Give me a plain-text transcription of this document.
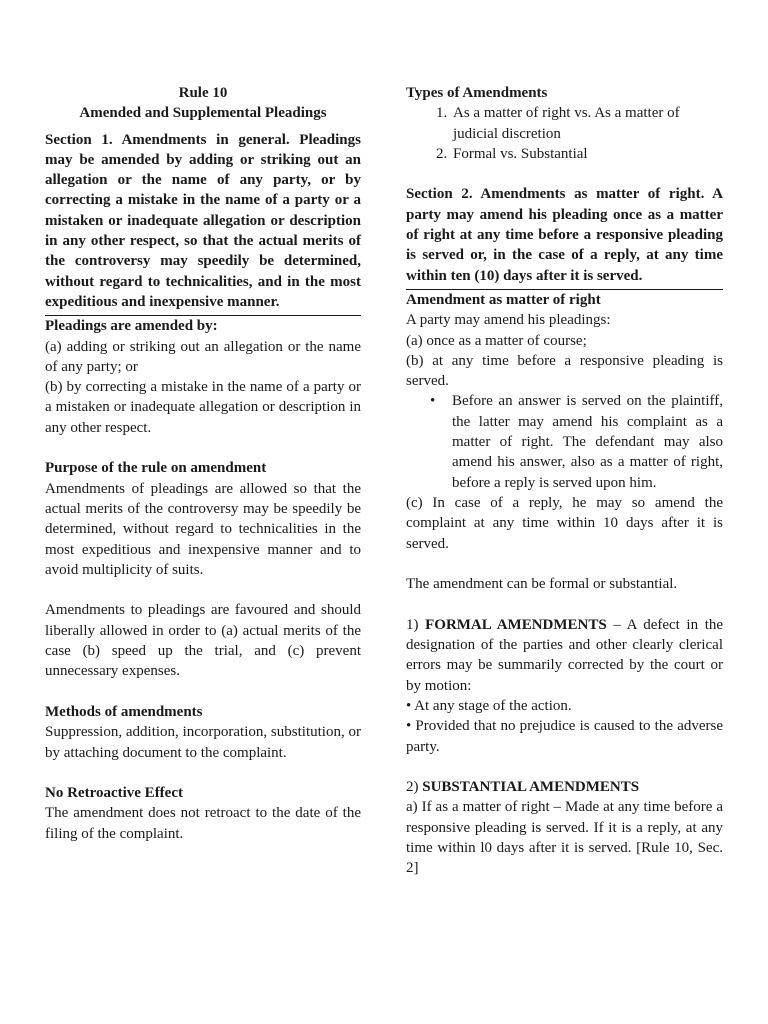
Rule 10
Amended and Supplemental Pleadings

Section 1. Amendments in general. Pleadings may be amended by adding or striking out an allegation or the name of any party, or by correcting a mistake in the name of a party or a mistaken or inadequate allegation or description in any other respect, so that the actual merits of the controversy may speedily be determined, without regard to technicalities, and in the most expeditious and inexpensive manner.

Pleadings are amended by:

(a) adding or striking out an allegation or the name of any party; or

(b) by correcting a mistake in the name of a party or a mistaken or inadequate allegation or description in any other respect.

Purpose of the rule on amendment

Amendments of pleadings are allowed so that the actual merits of the controversy may be speedily be determined, without regard to technicalities in the most expeditious and inexpensive manner and to avoid multiplicity of suits.

Amendments to pleadings are favoured and should liberally allowed in order to (a) actual merits of the case (b) speed up the trial, and (c) prevent unnecessary expenses.

Methods of amendments

Suppression, addition, incorporation, substitution, or by attaching document to the complaint.

No Retroactive Effect

The amendment does not retroact to the date of the filing of the complaint.

Types of Amendments

1. As a matter of right vs. As a matter of judicial discretion
2. Formal vs. Substantial

Section 2. Amendments as matter of right. A party may amend his pleading once as a matter of right at any time before a responsive pleading is served or, in the case of a reply, at any time within ten (10) days after it is served.

Amendment as matter of right

A party may amend his pleadings:

(a) once as a matter of course;

(b) at any time before a responsive pleading is served.

• Before an answer is served on the plaintiff, the latter may amend his complaint as a matter of right. The defendant may also amend his answer, also as a matter of right, before a reply is served upon him.

(c) In case of a reply, he may so amend the complaint at any time within 10 days after it is served.

The amendment can be formal or substantial.

1) FORMAL AMENDMENTS – A defect in the designation of the parties and other clearly clerical errors may be summarily corrected by the court or by motion:

• At any stage of the action.

• Provided that no prejudice is caused to the adverse party.

2) SUBSTANTIAL AMENDMENTS

a) If as a matter of right – Made at any time before a responsive pleading is served. If it is a reply, at any time within l0 days after it is served. [Rule 10, Sec. 2]
